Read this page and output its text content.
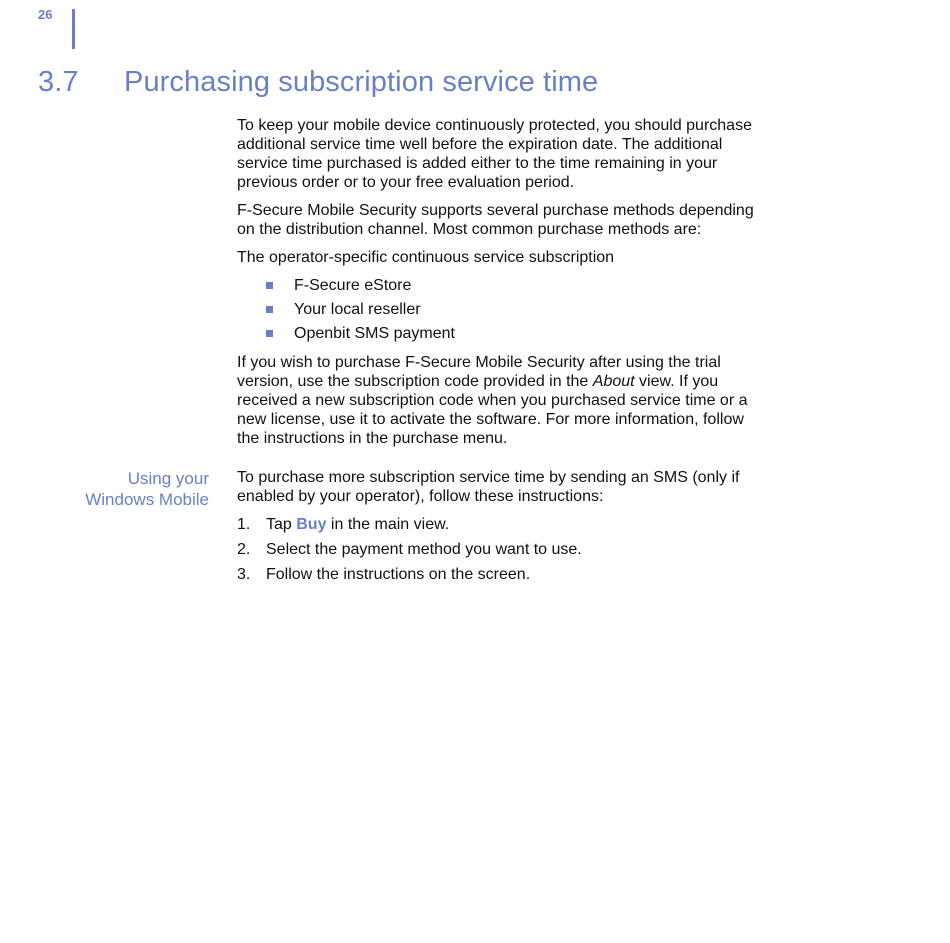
26
3.7 Purchasing subscription service time

To keep your mobile device continuously protected, you should purchase additional service time well before the expiration date. The additional service time purchased is added either to the time remaining in your previous order or to your free evaluation period.

F-Secure Mobile Security supports several purchase methods depending on the distribution channel. Most common purchase methods are:

The operator-specific continuous service subscription

F-Secure eStore
Your local reseller
Openbit SMS payment

If you wish to purchase F-Secure Mobile Security after using the trial version, use the subscription code provided in the About view. If you received a new subscription code when you purchased service time or a new license, use it to activate the software. For more information, follow the instructions in the purchase menu.

Using your
Windows Mobile

To purchase more subscription service time by sending an SMS (only if enabled by your operator), follow these instructions:

1. Tap Buy in the main view.
2. Select the payment method you want to use.
3. Follow the instructions on the screen.
